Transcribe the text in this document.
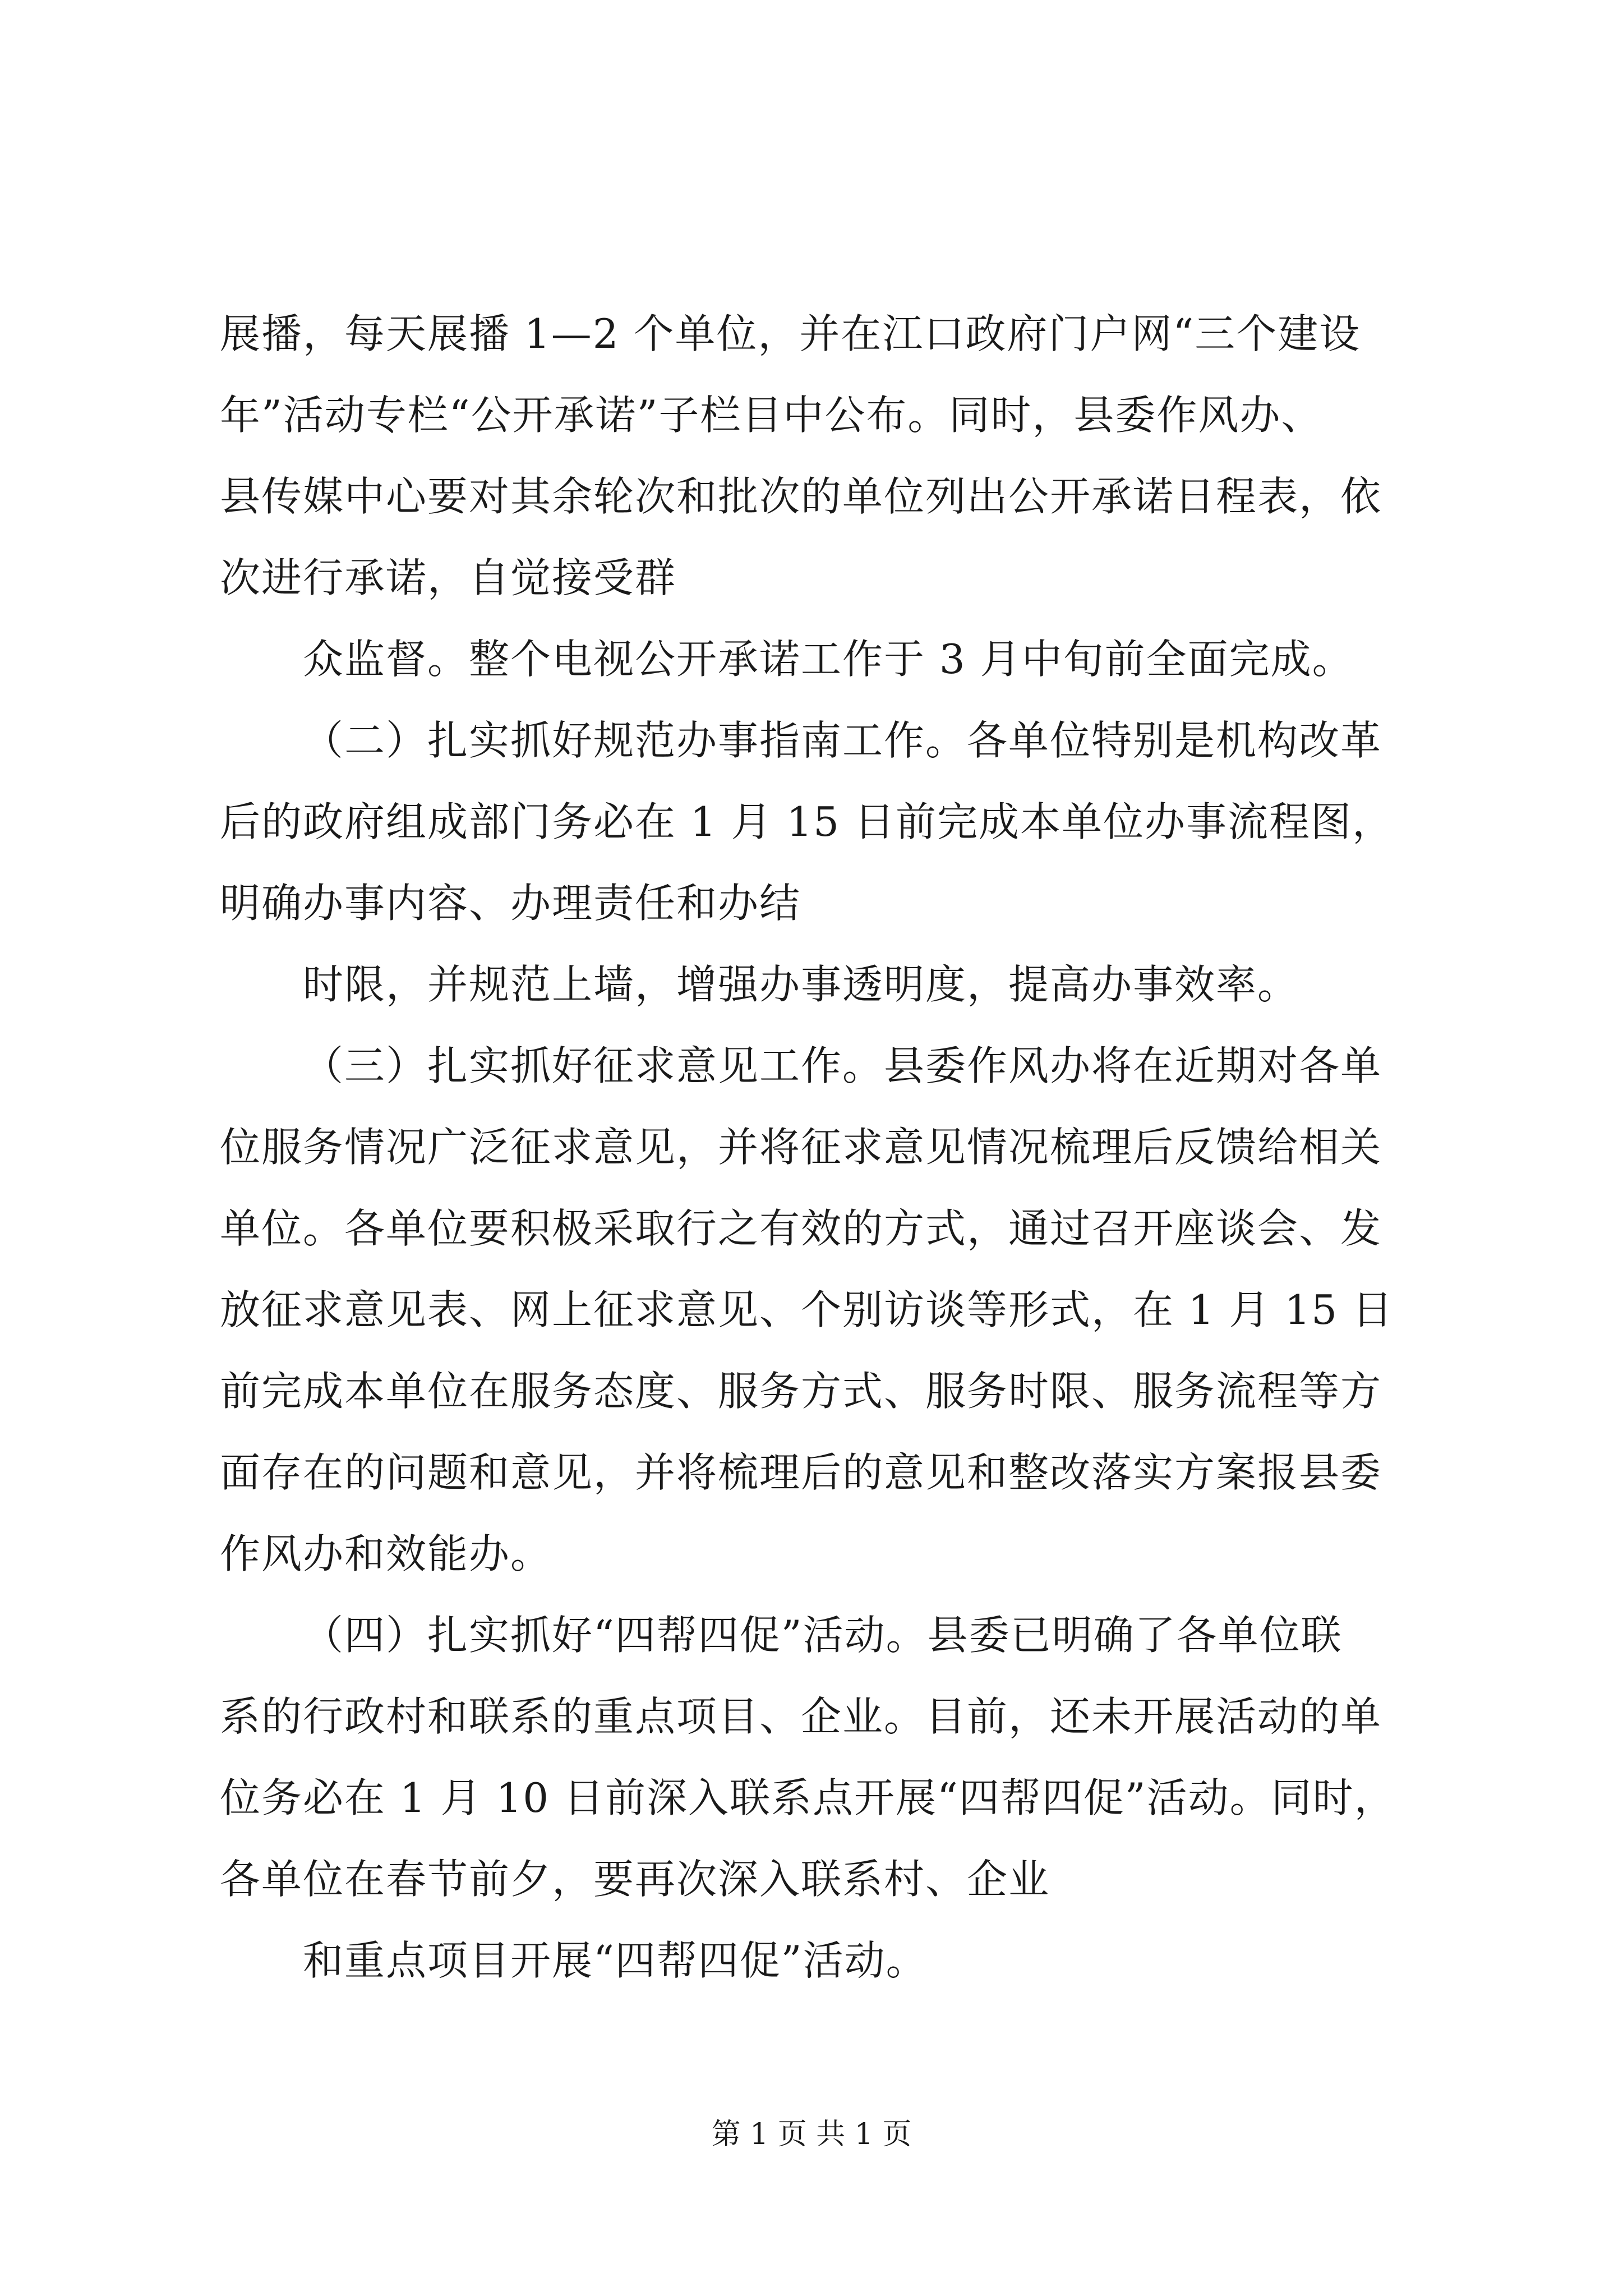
展播，每天展播 1—2 个单位，并在江口政府门户网“三个建设
年”活动专栏“公开承诺”子栏目中公布。同时，县委作风办、
县传媒中心要对其余轮次和批次的单位列出公开承诺日程表，依
次进行承诺，自觉接受群
众监督。整个电视公开承诺工作于 3 月中旬前全面完成。
（二）扎实抓好规范办事指南工作。各单位特别是机构改革
后的政府组成部门务必在 1 月 15 日前完成本单位办事流程图，
明确办事内容、办理责任和办结
时限，并规范上墙，增强办事透明度，提高办事效率。
（三）扎实抓好征求意见工作。县委作风办将在近期对各单
位服务情况广泛征求意见，并将征求意见情况梳理后反馈给相关
单位。各单位要积极采取行之有效的方式，通过召开座谈会、发
放征求意见表、网上征求意见、个别访谈等形式，在 1 月 15 日
前完成本单位在服务态度、服务方式、服务时限、服务流程等方
面存在的问题和意见，并将梳理后的意见和整改落实方案报县委
作风办和效能办。
（四）扎实抓好“四帮四促”活动。县委已明确了各单位联
系的行政村和联系的重点项目、企业。目前，还未开展活动的单
位务必在 1 月 10 日前深入联系点开展“四帮四促”活动。同时，
各单位在春节前夕，要再次深入联系村、企业
和重点项目开展“四帮四促”活动。
第 1 页 共 1 页
